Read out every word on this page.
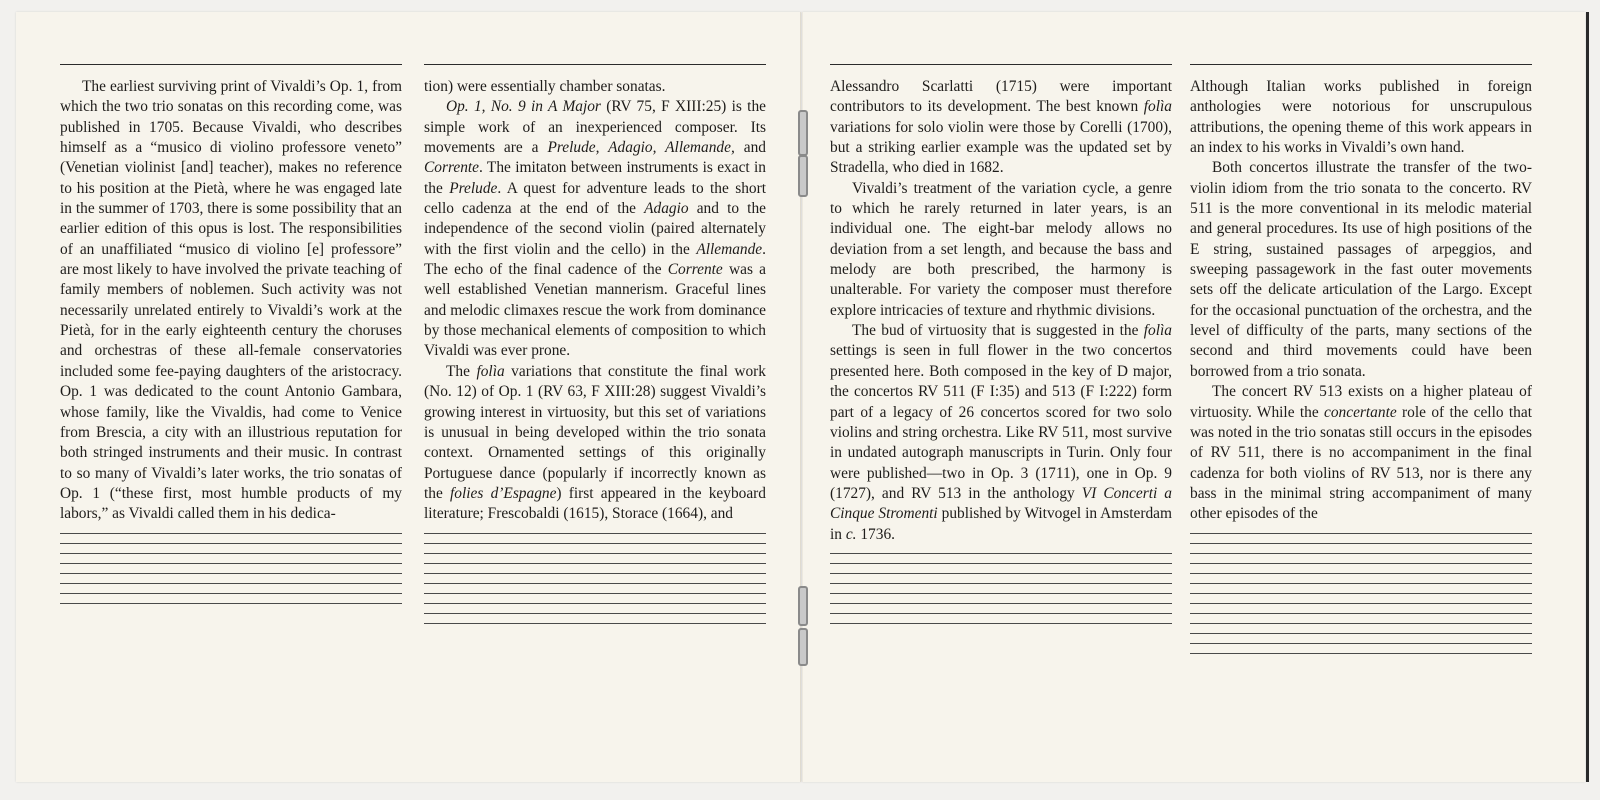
The earliest surviving print of Vivaldi’s Op. 1, from which the two trio sonatas on this recording come, was published in 1705. Because Vivaldi, who describes himself as a “musico di violino professore veneto” (Venetian violinist [and] teacher), makes no reference to his position at the Pietà, where he was engaged late in the summer of 1703, there is some possibility that an earlier edition of this opus is lost. The responsibilities of an unaffiliated “musico di violino [e] professore” are most likely to have involved the private teaching of family members of noblemen. Such activity was not necessarily unrelated entirely to Vivaldi’s work at the Pietà, for in the early eighteenth century the choruses and orchestras of these all-female conservatories included some fee-paying daughters of the aristocracy. Op. 1 was dedicated to the count Antonio Gambara, whose family, like the Vivaldis, had come to Venice from Brescia, a city with an illustrious reputation for both stringed instruments and their music. In contrast to so many of Vivaldi’s later works, the trio sonatas of Op. 1 (“these first, most humble products of my labors,” as Vivaldi called them in his dedica-

tion) were essentially chamber sonatas.

Op. 1, No. 9 in A Major (RV 75, F XIII:25) is the simple work of an inexperienced composer. Its movements are a Prelude, Adagio, Allemande, and Corrente. The imitaton between instruments is exact in the Prelude. A quest for adventure leads to the short cello cadenza at the end of the Adagio and to the independence of the second violin (paired alternately with the first violin and the cello) in the Allemande. The echo of the final cadence of the Corrente was a well established Venetian mannerism. Graceful lines and melodic climaxes rescue the work from dominance by those mechanical elements of composition to which Vivaldi was ever prone.

The folìa variations that constitute the final work (No. 12) of Op. 1 (RV 63, F XIII:28) suggest Vivaldi’s growing interest in virtuosity, but this set of variations is unusual in being developed within the trio sonata context. Ornamented settings of this originally Portuguese dance (popularly if incorrectly known as the folies d’Espagne) first appeared in the keyboard literature; Frescobaldi (1615), Storace (1664), and

Alessandro Scarlatti (1715) were important contributors to its development. The best known folìa variations for solo violin were those by Corelli (1700), but a striking earlier example was the updated set by Stradella, who died in 1682.

Vivaldi’s treatment of the variation cycle, a genre to which he rarely returned in later years, is an individual one. The eight-bar melody allows no deviation from a set length, and because the bass and melody are both prescribed, the harmony is unalterable. For variety the composer must therefore explore intricacies of texture and rhythmic divisions.

The bud of virtuosity that is suggested in the folìa settings is seen in full flower in the two concertos presented here. Both composed in the key of D major, the concertos RV 511 (F I:35) and 513 (F I:222) form part of a legacy of 26 concertos scored for two solo violins and string orchestra. Like RV 511, most survive in undated autograph manuscripts in Turin. Only four were published—two in Op. 3 (1711), one in Op. 9 (1727), and RV 513 in the anthology VI Concerti a Cinque Stromenti published by Witvogel in Amsterdam in c. 1736.

Although Italian works published in foreign anthologies were notorious for unscrupulous attributions, the opening theme of this work appears in an index to his works in Vivaldi’s own hand.

Both concertos illustrate the transfer of the two-violin idiom from the trio sonata to the concerto. RV 511 is the more conventional in its melodic material and general procedures. Its use of high positions of the E string, sustained passages of arpeggios, and sweeping passagework in the fast outer movements sets off the delicate articulation of the Largo. Except for the occasional punctuation of the orchestra, and the level of difficulty of the parts, many sections of the second and third movements could have been borrowed from a trio sonata.

The concert RV 513 exists on a higher plateau of virtuosity. While the concertante role of the cello that was noted in the trio sonatas still occurs in the episodes of RV 511, there is no accompaniment in the final cadenza for both violins of RV 513, nor is there any bass in the minimal string accompaniment of many other episodes of the
